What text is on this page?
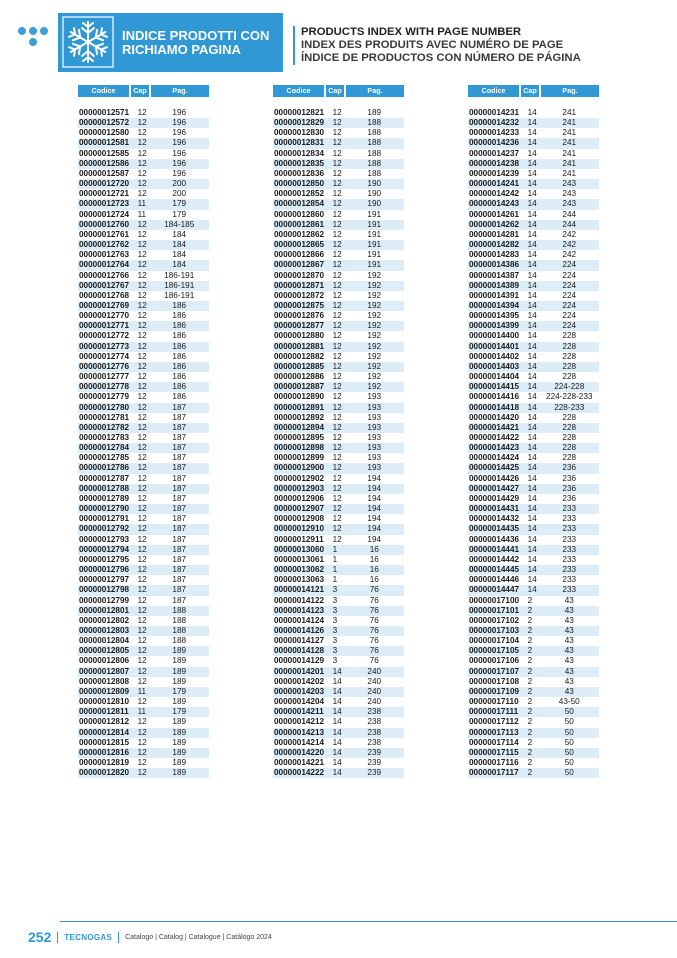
INDICE PRODOTTI CON RICHIAMO PAGINA
PRODUCTS INDEX WITH PAGE NUMBER
INDEX DES PRODUITS AVEC NUMÉRO DE PAGE
ÍNDICE DE PRODUCTOS CON NÚMERO DE PÁGINA
Codice	Cap	Pag.
00000012571	12	196
00000012572	12	196
00000012580	12	196
00000012581	12	196
00000012585	12	196
00000012586	12	196
00000012587	12	196
00000012720	12	200
00000012721	12	200
00000012723	11	179
00000012724	11	179
00000012760	12	184-185
00000012761	12	184
00000012762	12	184
00000012763	12	184
00000012764	12	184
00000012766	12	186-191
00000012767	12	186-191
00000012768	12	186-191
00000012769	12	186
00000012770	12	186
00000012771	12	186
00000012772	12	186
00000012773	12	186
00000012774	12	186
00000012776	12	186
00000012777	12	186
00000012778	12	186
00000012779	12	186
00000012780	12	187
00000012781	12	187
00000012782	12	187
00000012783	12	187
00000012784	12	187
00000012785	12	187
00000012786	12	187
00000012787	12	187
00000012788	12	187
00000012789	12	187
00000012790	12	187
00000012791	12	187
00000012792	12	187
00000012793	12	187
00000012794	12	187
00000012795	12	187
00000012796	12	187
00000012797	12	187
00000012798	12	187
00000012799	12	187
00000012801	12	188
00000012802	12	188
00000012803	12	188
00000012804	12	188
00000012805	12	189
00000012806	12	189
00000012807	12	189
00000012808	12	189
00000012809	11	179
00000012810	12	189
00000012811	11	179
00000012812	12	189
00000012814	12	189
00000012815	12	189
00000012816	12	189
00000012819	12	189
00000012820	12	189
Codice	Cap	Pag.
00000012821	12	189
00000012829	12	188
00000012830	12	188
00000012831	12	188
00000012834	12	188
00000012835	12	188
00000012836	12	188
00000012850	12	190
00000012852	12	190
00000012854	12	190
00000012860	12	191
00000012861	12	191
00000012862	12	191
00000012865	12	191
00000012866	12	191
00000012867	12	191
00000012870	12	192
00000012871	12	192
00000012872	12	192
00000012875	12	192
00000012876	12	192
00000012877	12	192
00000012880	12	192
00000012881	12	192
00000012882	12	192
00000012885	12	192
00000012886	12	192
00000012887	12	192
00000012890	12	193
00000012891	12	193
00000012892	12	193
00000012894	12	193
00000012895	12	193
00000012898	12	193
00000012899	12	193
00000012900	12	193
00000012902	12	194
00000012903	12	194
00000012906	12	194
00000012907	12	194
00000012908	12	194
00000012910	12	194
00000012911	12	194
00000013060	1	16
00000013061	1	16
00000013062	1	16
00000013063	1	16
00000014121	3	76
00000014122	3	76
00000014123	3	76
00000014124	3	76
00000014126	3	76
00000014127	3	76
00000014128	3	76
00000014129	3	76
00000014201	14	240
00000014202	14	240
00000014203	14	240
00000014204	14	240
00000014211	14	238
00000014212	14	238
00000014213	14	238
00000014214	14	238
00000014220	14	239
00000014221	14	239
00000014222	14	239
Codice	Cap	Pag.
00000014231	14	241
00000014232	14	241
00000014233	14	241
00000014236	14	241
00000014237	14	241
00000014238	14	241
00000014239	14	241
00000014241	14	243
00000014242	14	243
00000014243	14	243
00000014261	14	244
00000014262	14	244
00000014281	14	242
00000014282	14	242
00000014283	14	242
00000014386	14	224
00000014387	14	224
00000014389	14	224
00000014391	14	224
00000014394	14	224
00000014395	14	224
00000014399	14	224
00000014400	14	228
00000014401	14	228
00000014402	14	228
00000014403	14	228
00000014404	14	228
00000014415	14	224-228
00000014416	14	224-228-233
00000014418	14	228-233
00000014420	14	228
00000014421	14	228
00000014422	14	228
00000014423	14	228
00000014424	14	228
00000014425	14	236
00000014426	14	236
00000014427	14	236
00000014429	14	236
00000014431	14	233
00000014432	14	233
00000014435	14	233
00000014436	14	233
00000014441	14	233
00000014442	14	233
00000014445	14	233
00000014446	14	233
00000014447	14	233
00000017100	2	43
00000017101	2	43
00000017102	2	43
00000017103	2	43
00000017104	2	43
00000017105	2	43
00000017106	2	43
00000017107	2	43
00000017108	2	43
00000017109	2	43
00000017110	2	43-50
00000017111	2	50
00000017112	2	50
00000017113	2	50
00000017114	2	50
00000017115	2	50
00000017116	2	50
00000017117	2	50
252 TECNOGAS Catalogo | Catalog | Catalogue | Catálogo 2024
